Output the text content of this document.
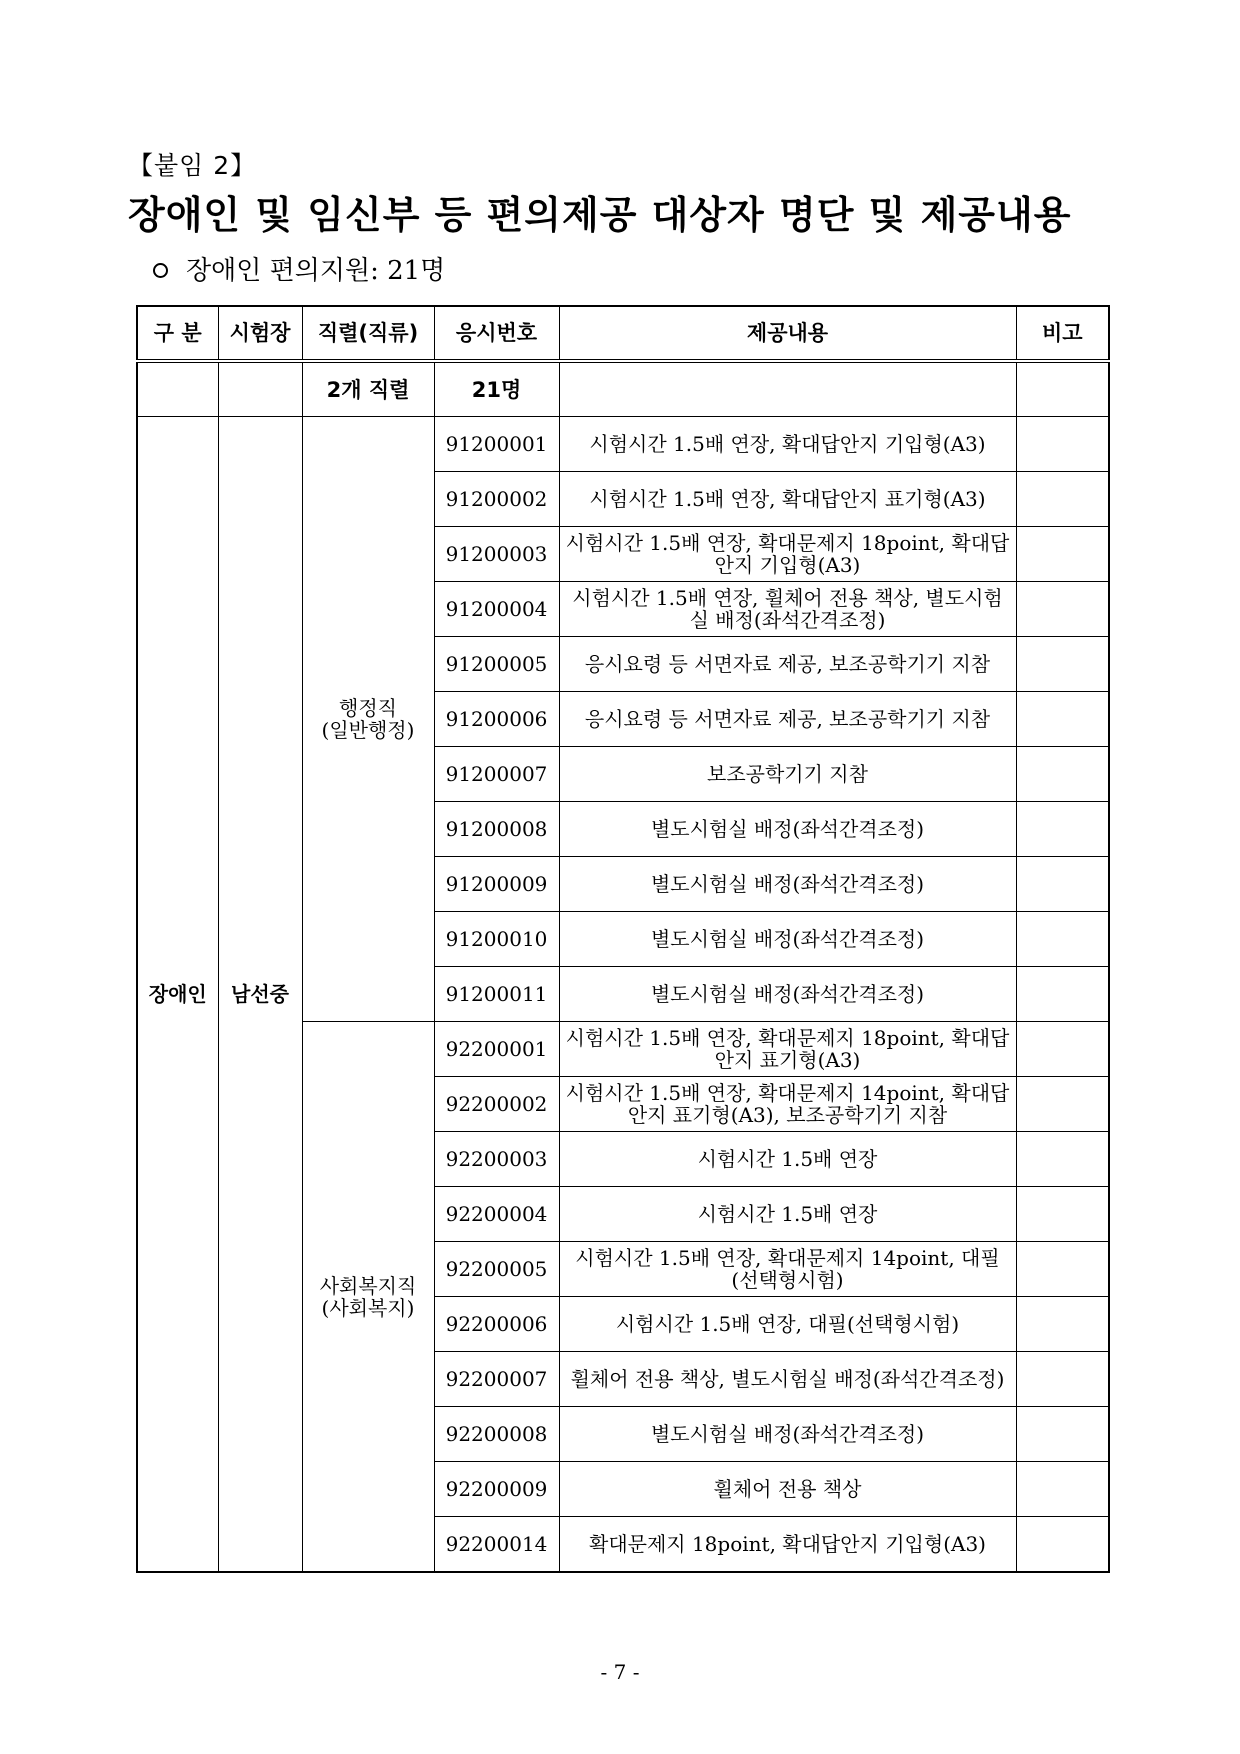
【붙임 2】
장애인 및 임신부 등 편의제공 대상자 명단 및 제공내용
장애인 편의지원: 21명
구 분	시험장	직렬(직류)	응시번호	제공내용	비고
		2개 직렬	21명		
장애인	남선중	행정직
(일반행정)	91200001	시험시간 1.5배 연장, 확대답안지 기입형(A3)	
			91200002	시험시간 1.5배 연장, 확대답안지 표기형(A3)	
			91200003	시험시간 1.5배 연장, 확대문제지 18point, 확대답안지 기입형(A3)	
			91200004	시험시간 1.5배 연장, 휠체어 전용 책상, 별도시험실 배정(좌석간격조정)	
			91200005	응시요령 등 서면자료 제공, 보조공학기기 지참	
			91200006	응시요령 등 서면자료 제공, 보조공학기기 지참	
			91200007	보조공학기기 지참	
			91200008	별도시험실 배정(좌석간격조정)	
			91200009	별도시험실 배정(좌석간격조정)	
			91200010	별도시험실 배정(좌석간격조정)	
			91200011	별도시험실 배정(좌석간격조정)	

		사회복지직
(사회복지)	92200001	시험시간 1.5배 연장, 확대문제지 18point, 확대답안지 표기형(A3)	
			92200002	시험시간 1.5배 연장, 확대문제지 14point, 확대답안지 표기형(A3), 보조공학기기 지참	
			92200003	시험시간 1.5배 연장	
			92200004	시험시간 1.5배 연장	
			92200005	시험시간 1.5배 연장, 확대문제지 14point, 대필(선택형시험)	
			92200006	시험시간 1.5배 연장, 대필(선택형시험)	
			92200007	휠체어 전용 책상, 별도시험실 배정(좌석간격조정)	
			92200008	별도시험실 배정(좌석간격조정)	
			92200009	휠체어 전용 책상	
			92200014	확대문제지 18point, 확대답안지 기입형(A3)	
- 7 -
